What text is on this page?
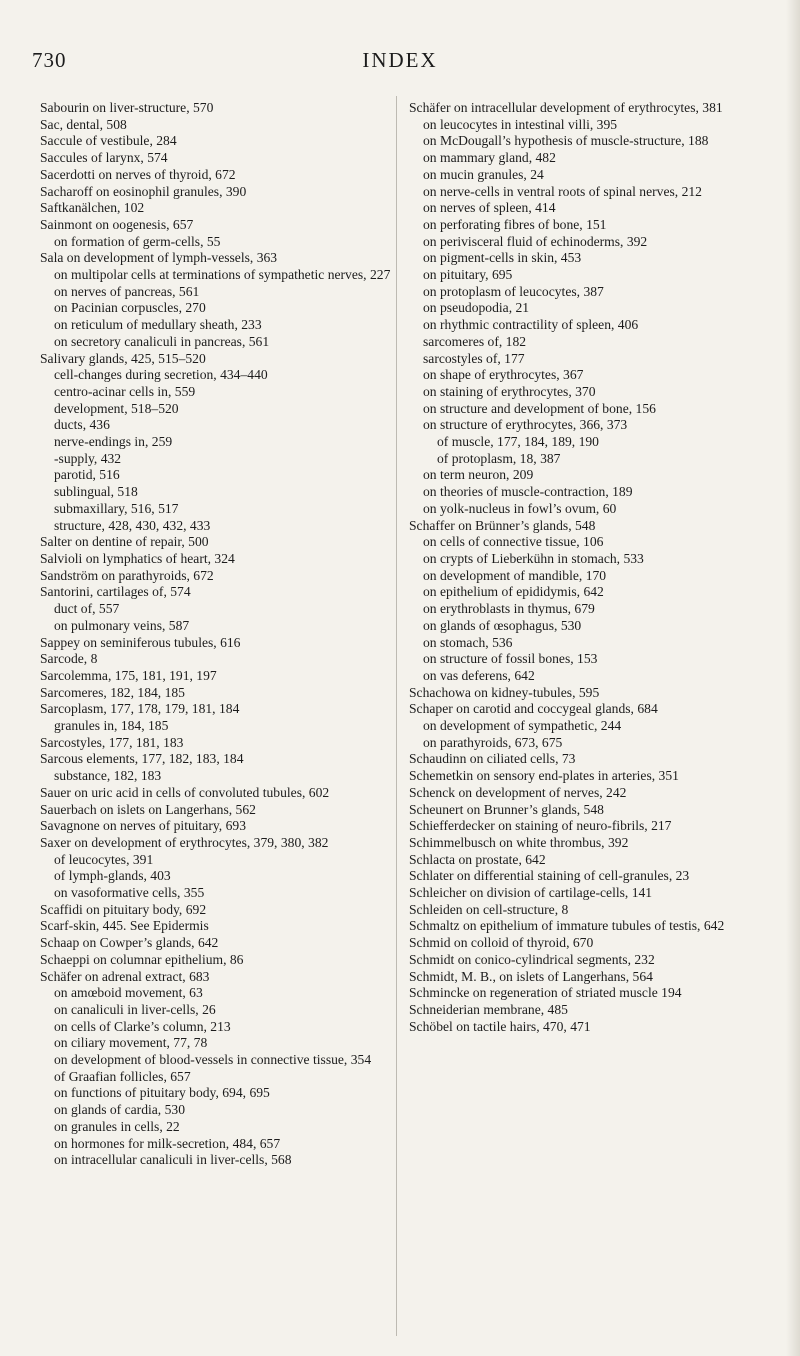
730	INDEX
Sabourin on liver-structure, 570
Sac, dental, 508
Saccule of vestibule, 284
Saccules of larynx, 574
Sacerdotti on nerves of thyroid, 672
Sacharoff on eosinophil granules, 390
Saftkanälchen, 102
Sainmont on oogenesis, 657
on formation of germ-cells, 55
Sala on development of lymph-vessels, 363
on multipolar cells at terminations of sympathetic nerves, 227
on nerves of pancreas, 561
on Pacinian corpuscles, 270
on reticulum of medullary sheath, 233
on secretory canaliculi in pancreas, 561
Salivary glands, 425, 515–520
cell-changes during secretion, 434–440
centro-acinar cells in, 559
development, 518–520
ducts, 436
nerve-endings in, 259
-supply, 432
parotid, 516
sublingual, 518
submaxillary, 516, 517
structure, 428, 430, 432, 433
Salter on dentine of repair, 500
Salvioli on lymphatics of heart, 324
Sandström on parathyroids, 672
Santorini, cartilages of, 574
duct of, 557
on pulmonary veins, 587
Sappey on seminiferous tubules, 616
Sarcode, 8
Sarcolemma, 175, 181, 191, 197
Sarcomeres, 182, 184, 185
Sarcoplasm, 177, 178, 179, 181, 184
granules in, 184, 185
Sarcostyles, 177, 181, 183
Sarcous elements, 177, 182, 183, 184
substance, 182, 183
Sauer on uric acid in cells of convoluted tubules, 602
Sauerbach on islets on Langerhans, 562
Savagnone on nerves of pituitary, 693
Saxer on development of erythrocytes, 379, 380, 382
of leucocytes, 391
of lymph-glands, 403
on vasoformative cells, 355
Scaffidi on pituitary body, 692
Scarf-skin, 445. See Epidermis
Schaap on Cowper’s glands, 642
Schaeppi on columnar epithelium, 86
Schäfer on adrenal extract, 683
on amœboid movement, 63
on canaliculi in liver-cells, 26
on cells of Clarke’s column, 213
on ciliary movement, 77, 78
on development of blood-vessels in connective tissue, 354
of Graafian follicles, 657
on functions of pituitary body, 694, 695
on glands of cardia, 530
on granules in cells, 22
on hormones for milk-secretion, 484, 657
on intracellular canaliculi in liver-cells, 568
Schäfer on intracellular development of erythrocytes, 381
on leucocytes in intestinal villi, 395
on McDougall’s hypothesis of muscle-structure, 188
on mammary gland, 482
on mucin granules, 24
on nerve-cells in ventral roots of spinal nerves, 212
on nerves of spleen, 414
on perforating fibres of bone, 151
on perivisceral fluid of echinoderms, 392
on pigment-cells in skin, 453
on pituitary, 695
on protoplasm of leucocytes, 387
on pseudopodia, 21
on rhythmic contractility of spleen, 406
sarcomeres of, 182
sarcostyles of, 177
on shape of erythrocytes, 367
on staining of erythrocytes, 370
on structure and development of bone, 156
on structure of erythrocytes, 366, 373
of muscle, 177, 184, 189, 190
of protoplasm, 18, 387
on term neuron, 209
on theories of muscle-contraction, 189
on yolk-nucleus in fowl’s ovum, 60
Schaffer on Brünner’s glands, 548
on cells of connective tissue, 106
on crypts of Lieberkühn in stomach, 533
on development of mandible, 170
on epithelium of epididymis, 642
on erythroblasts in thymus, 679
on glands of œsophagus, 530
on stomach, 536
on structure of fossil bones, 153
on vas deferens, 642
Schachowa on kidney-tubules, 595
Schaper on carotid and coccygeal glands, 684
on development of sympathetic, 244
on parathyroids, 673, 675
Schaudinn on ciliated cells, 73
Schemetkin on sensory end-plates in arteries, 351
Schenck on development of nerves, 242
Scheunert on Brunner’s glands, 548
Schiefferdecker on staining of neuro-fibrils, 217
Schimmelbusch on white thrombus, 392
Schlacta on prostate, 642
Schlater on differential staining of cell-granules, 23
Schleicher on division of cartilage-cells, 141
Schleiden on cell-structure, 8
Schmaltz on epithelium of immature tubules of testis, 642
Schmid on colloid of thyroid, 670
Schmidt on conico-cylindrical segments, 232
Schmidt, M. B., on islets of Langerhans, 564
Schmincke on regeneration of striated muscle 194
Schneiderian membrane, 485
Schöbel on tactile hairs, 470, 471
